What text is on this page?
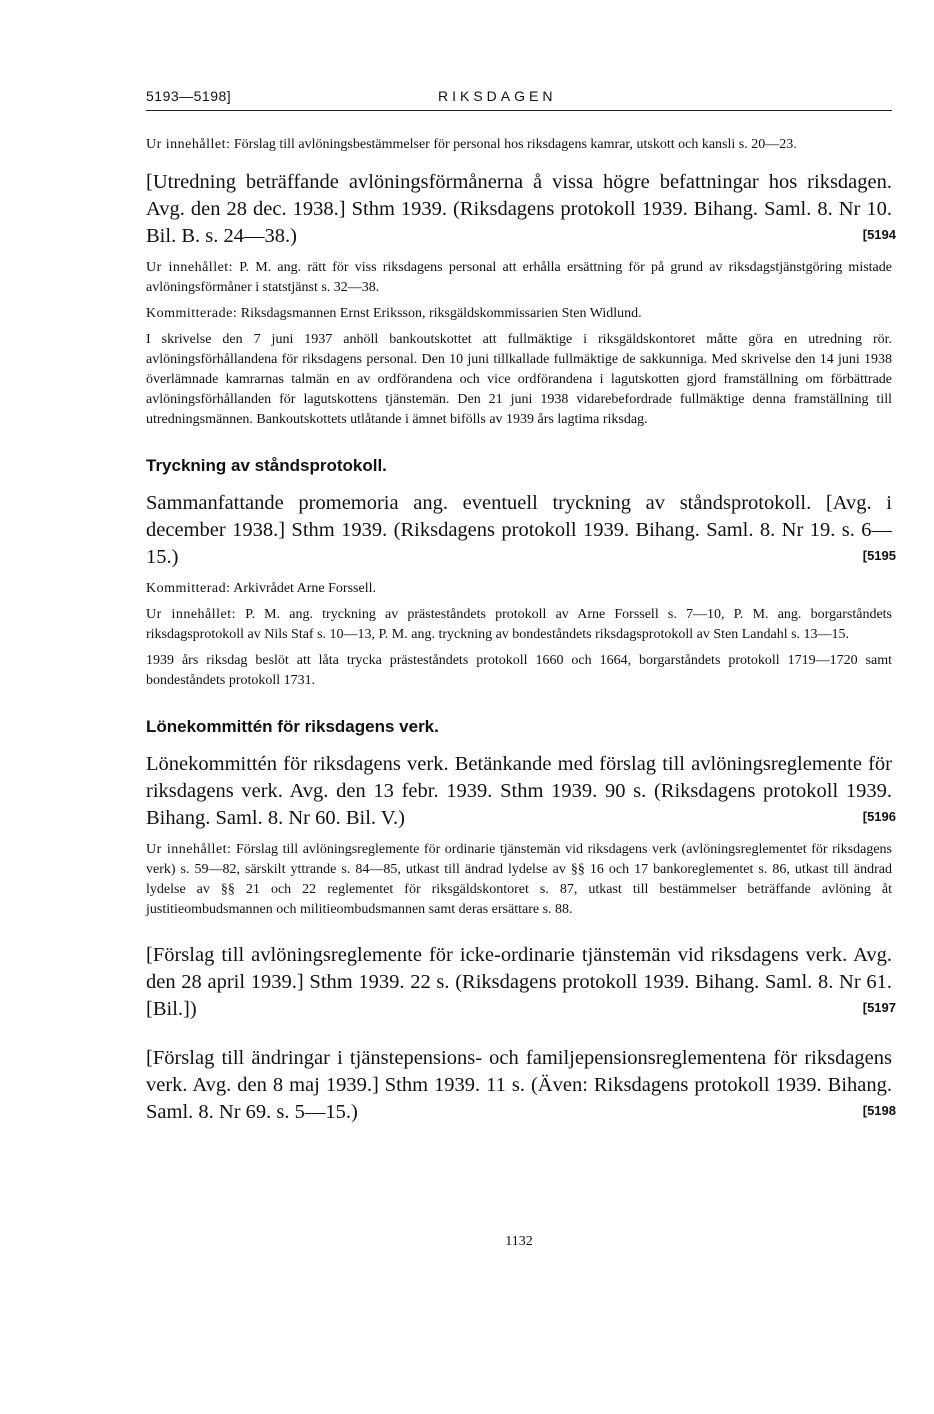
5193—5198]	RIKSDAGEN

Ur innehållet: Förslag till avlöningsbestämmelser för personal hos riksdagens kamrar, utskott och kansli s. 20—23.

[Utredning beträffande avlöningsförmånerna å vissa högre befattningar hos riksdagen. Avg. den 28 dec. 1938.] Sthm 1939. (Riksdagens protokoll 1939. Bihang. Saml. 8. Nr 10. Bil. B. s. 24—38.)	[5194

Ur innehållet: P. M. ang. rätt för viss riksdagens personal att erhålla ersättning för på grund av riksdagstjänstgöring mistade avlöningsförmåner i statstjänst s. 32—38.

Kommitterade: Riksdagsmannen Ernst Eriksson, riksgäldskommissarien Sten Widlund.

I skrivelse den 7 juni 1937 anhöll bankoutskottet att fullmäktige i riksgäldskontoret måtte göra en utredning rör. avlöningsförhållandena för riksdagens personal. Den 10 juni tillkallade fullmäktige de sakkunniga. Med skrivelse den 14 juni 1938 överlämnade kamrarnas talmän en av ordförandena och vice ordförandena i lagutskotten gjord framställning om förbättrade avlöningsförhållanden för lagutskottens tjänstemän. Den 21 juni 1938 vidarebefordrade fullmäktige denna framställning till utredningsmännen. Bankoutskottets utlåtande i ämnet bifölls av 1939 års lagtima riksdag.

Tryckning av ståndsprotokoll.

Sammanfattande promemoria ang. eventuell tryckning av ståndsprotokoll. [Avg. i december 1938.] Sthm 1939. (Riksdagens protokoll 1939. Bihang. Saml. 8. Nr 19. s. 6—15.)	[5195

Kommitterad: Arkivrådet Arne Forssell.

Ur innehållet: P. M. ang. tryckning av prästeståndets protokoll av Arne Forssell s. 7—10, P. M. ang. borgarståndets riksdagsprotokoll av Nils Staf s. 10—13, P. M. ang. tryckning av bondeståndets riksdagsprotokoll av Sten Landahl s. 13—15.

1939 års riksdag beslöt att låta trycka prästeståndets protokoll 1660 och 1664, borgarståndets protokoll 1719—1720 samt bondeståndets protokoll 1731.

Lönekommittén för riksdagens verk.

Lönekommittén för riksdagens verk. Betänkande med förslag till avlöningsreglemente för riksdagens verk. Avg. den 13 febr. 1939. Sthm 1939. 90 s. (Riksdagens protokoll 1939. Bihang. Saml. 8. Nr 60. Bil. V.)	[5196

Ur innehållet: Förslag till avlöningsreglemente för ordinarie tjänstemän vid riksdagens verk (avlöningsreglementet för riksdagens verk) s. 59—82, särskilt yttrande s. 84—85, utkast till ändrad lydelse av §§ 16 och 17 bankoreglementet s. 86, utkast till ändrad lydelse av §§ 21 och 22 reglementet för riksgäldskontoret s. 87, utkast till bestämmelser beträffande avlöning åt justitieombudsmannen och militieombudsmannen samt deras ersättare s. 88.

[Förslag till avlöningsreglemente för icke-ordinarie tjänstemän vid riksdagens verk. Avg. den 28 april 1939.] Sthm 1939. 22 s. (Riksdagens protokoll 1939. Bihang. Saml. 8. Nr 61. [Bil.])	[5197

[Förslag till ändringar i tjänstepensions- och familjepensionsreglementena för riksdagens verk. Avg. den 8 maj 1939.] Sthm 1939. 11 s. (Även: Riksdagens protokoll 1939. Bihang. Saml. 8. Nr 69. s. 5—15.)	[5198

1132
